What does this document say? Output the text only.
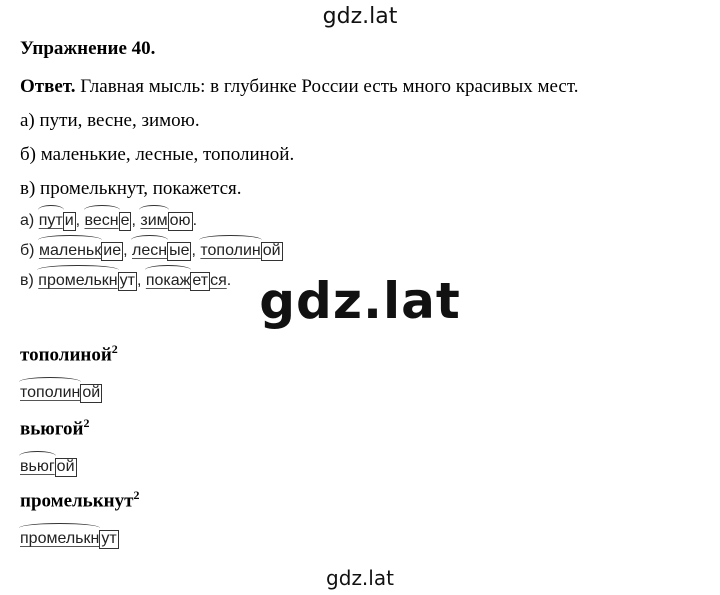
gdz.lat
Упражнение 40.
Ответ. Главная мысль: в глубинке России есть много красивых мест.
а) пути, весне, зимою.
б) маленькие, лесные, тополиной.
в) промелькнут, покажется.
а) пут и , весн е , зим ою .
б) маленьк ие , лесн ые , тополин ой
в) промелькн ут , покаж ет ся. gdz.lat
тополиной$^2$
тополин ой
вьюгой$^2$
вьюг ой
промелькнут$^2$
промелькн ут
gdz.lat
